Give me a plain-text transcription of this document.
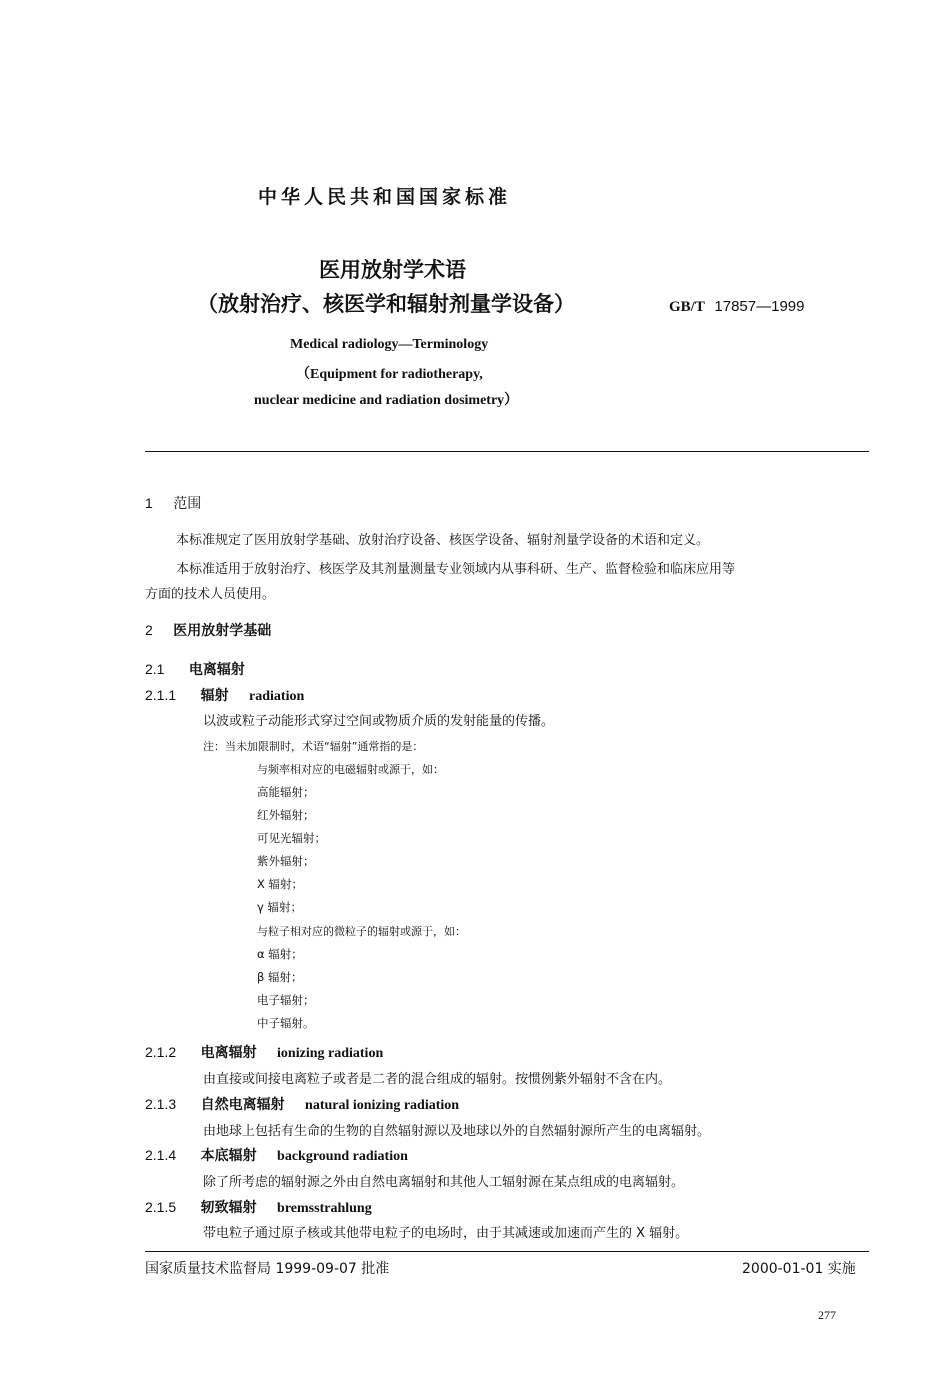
中华人民共和国国家标准
医用放射学术语
（放射治疗、核医学和辐射剂量学设备）	GB/T 17857—1999
Medical radiology—Terminology
（Equipment for radiotherapy,
nuclear medicine and radiation dosimetry）
1 范围
本标准规定了医用放射学基础、放射治疗设备、核医学设备、辐射剂量学设备的术语和定义。
本标准适用于放射治疗、核医学及其剂量测量专业领域内从事科研、生产、监督检验和临床应用等
方面的技术人员使用。
2 医用放射学基础
2.1 电离辐射
2.1.1 辐射 radiation
以波或粒子动能形式穿过空间或物质介质的发射能量的传播。
注：当未加限制时，术语“辐射”通常指的是：
与频率相对应的电磁辐射或源于，如：
高能辐射；
红外辐射；
可见光辐射；
紫外辐射；
X 辐射；
γ 辐射；
与粒子相对应的微粒子的辐射或源于，如：
α 辐射；
β 辐射；
电子辐射；
中子辐射。
2.1.2 电离辐射 ionizing radiation
由直接或间接电离粒子或者是二者的混合组成的辐射。按惯例紫外辐射不含在内。
2.1.3 自然电离辐射 natural ionizing radiation
由地球上包括有生命的生物的自然辐射源以及地球以外的自然辐射源所产生的电离辐射。
2.1.4 本底辐射 background radiation
除了所考虑的辐射源之外由自然电离辐射和其他人工辐射源在某点组成的电离辐射。
2.1.5 轫致辐射 bremsstrahlung
带电粒子通过原子核或其他带电粒子的电场时，由于其减速或加速而产生的 X 辐射。
国家质量技术监督局 1999-09-07 批准	2000-01-01 实施
277
